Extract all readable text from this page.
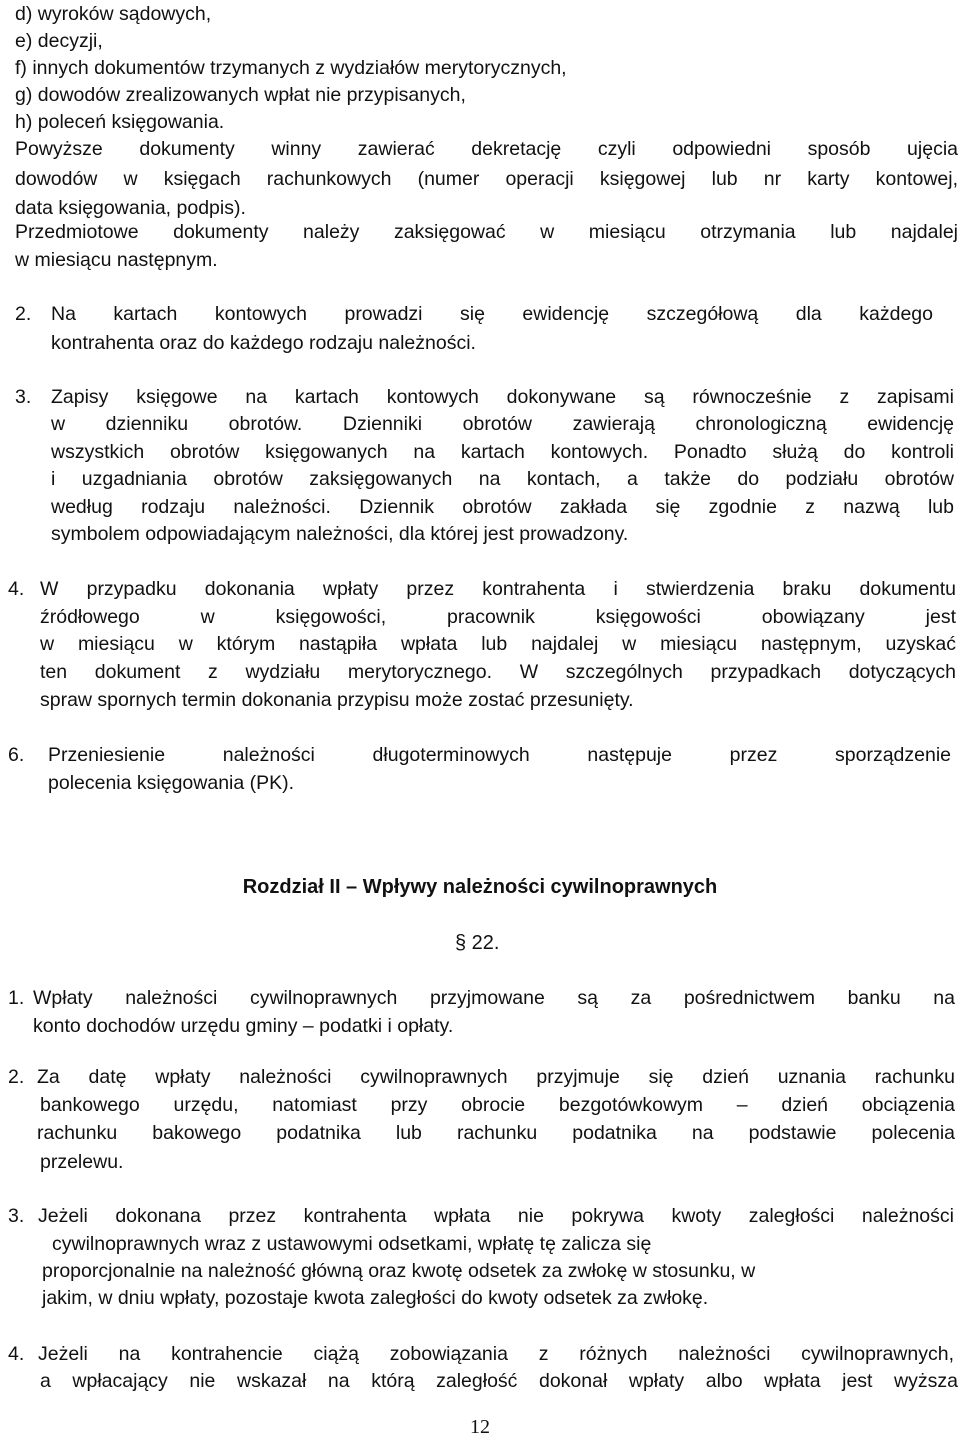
d) wyroków sądowych,
e) decyzji,
f) innych dokumentów trzymanych z wydziałów merytorycznych,
g) dowodów zrealizowanych wpłat nie przypisanych,
h) poleceń księgowania.
Powyższe dokumenty winny zawierać dekretację czyli odpowiedni sposób ujęcia
dowodów w księgach rachunkowych (numer operacji księgowej lub nr karty kontowej,
data księgowania, podpis).
Przedmiotowe dokumenty należy zaksięgować w miesiącu otrzymania lub najdalej
w miesiącu następnym.
2. Na kartach kontowych prowadzi się ewidencję szczegółową dla każdego
kontrahenta oraz do każdego rodzaju należności.
3. Zapisy księgowe na kartach kontowych dokonywane są równocześnie z zapisami
w dzienniku obrotów. Dzienniki obrotów zawierają chronologiczną ewidencję
wszystkich obrotów księgowanych na kartach kontowych. Ponadto służą do kontroli
i uzgadniania obrotów zaksięgowanych na kontach, a także do podziału obrotów
według rodzaju należności. Dziennik obrotów zakłada się zgodnie z nazwą lub
symbolem odpowiadającym należności, dla której jest prowadzony.
4. W przypadku dokonania wpłaty przez kontrahenta i stwierdzenia braku dokumentu
źródłowego w księgowości, pracownik księgowości obowiązany jest
w miesiącu w którym nastąpiła wpłata lub najdalej w miesiącu następnym, uzyskać
ten dokument z wydziału merytorycznego. W szczególnych przypadkach dotyczących
spraw spornych termin dokonania przypisu może zostać przesunięty.
6. Przeniesienie należności długoterminowych następuje przez sporządzenie
polecenia księgowania (PK).
Rozdział II – Wpływy należności cywilnoprawnych
§ 22.
1. Wpłaty należności cywilnoprawnych przyjmowane są za pośrednictwem banku na
konto dochodów urzędu gminy – podatki i opłaty.
2. Za datę wpłaty należności cywilnoprawnych przyjmuje się dzień uznania rachunku
bankowego urzędu, natomiast przy obrocie bezgotówkowym – dzień obciązenia
rachunku bakowego podatnika lub rachunku podatnika na podstawie polecenia
przelewu.
3. Jeżeli dokonana przez kontrahenta wpłata nie pokrywa kwoty zaległości należności
cywilnoprawnych wraz z ustawowymi odsetkami, wpłatę tę zalicza się
proporcjonalnie na należność główną oraz kwotę odsetek za zwłokę w stosunku, w
jakim, w dniu wpłaty, pozostaje kwota zaległości do kwoty odsetek za zwłokę.
4. Jeżeli na kontrahencie ciążą zobowiązania z różnych należności cywilnoprawnych,
a wpłacający nie wskazał na którą zaległość dokonał wpłaty albo wpłata jest wyższa
12
